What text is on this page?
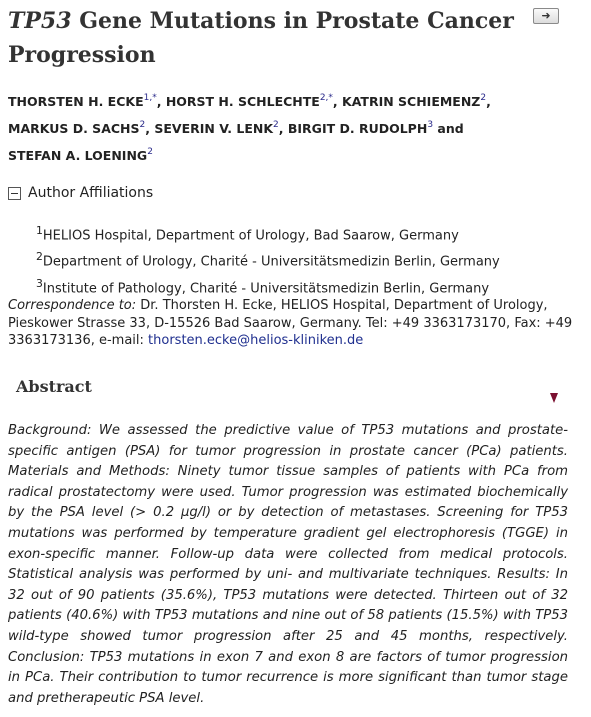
TP53 Gene Mutations in Prostate Cancer Progression
➜
THORSTEN H. $ECKE^{1,*}$, HORST H. $SCHLECHTE^{2,*}$, KATRIN SCHIEMENZ$^2$,
MARKUS D. SACHS$^2$, SEVERIN V. LENK$^2$, BIRGIT D. RUDOLPH$^3$ and
STEFAN A. LOENING$^2$
Author Affiliations
$^1$HELIOS Hospital, Department of Urology, Bad Saarow, Germany
$^2$Department of Urology, Charité - Universitätsmedizin Berlin, Germany
$^3$Institute of Pathology, Charité - Universitätsmedizin Berlin, Germany
Correspondence to: Dr. Thorsten H. Ecke, HELIOS Hospital, Department of Urology, Pieskower Strasse 33, D-15526 Bad Saarow, Germany. Tel: +49 3363173170, Fax: +49 3363173136, e-mail: thorsten.ecke@helios-kliniken.de
Abstract
Background: We assessed the predictive value of TP53 mutations and prostate-specific antigen (PSA) for tumor progression in prostate cancer (PCa) patients. Materials and Methods: Ninety tumor tissue samples of patients with PCa from radical prostatectomy were used. Tumor progression was estimated biochemically by the PSA level (> 0.2 µg/l) or by detection of metastases. Screening for TP53 mutations was performed by temperature gradient gel electrophoresis (TGGE) in exon-specific manner. Follow-up data were collected from medical protocols. Statistical analysis was performed by uni- and multivariate techniques. Results: In 32 out of 90 patients (35.6%), TP53 mutations were detected. Thirteen out of 32 patients (40.6%) with TP53 mutations and nine out of 58 patients (15.5%) with TP53 wild-type showed tumor progression after 25 and 45 months, respectively. Conclusion: TP53 mutations in exon 7 and exon 8 are factors of tumor progression in PCa. Their contribution to tumor recurrence is more significant than tumor stage and pretherapeutic PSA level.
